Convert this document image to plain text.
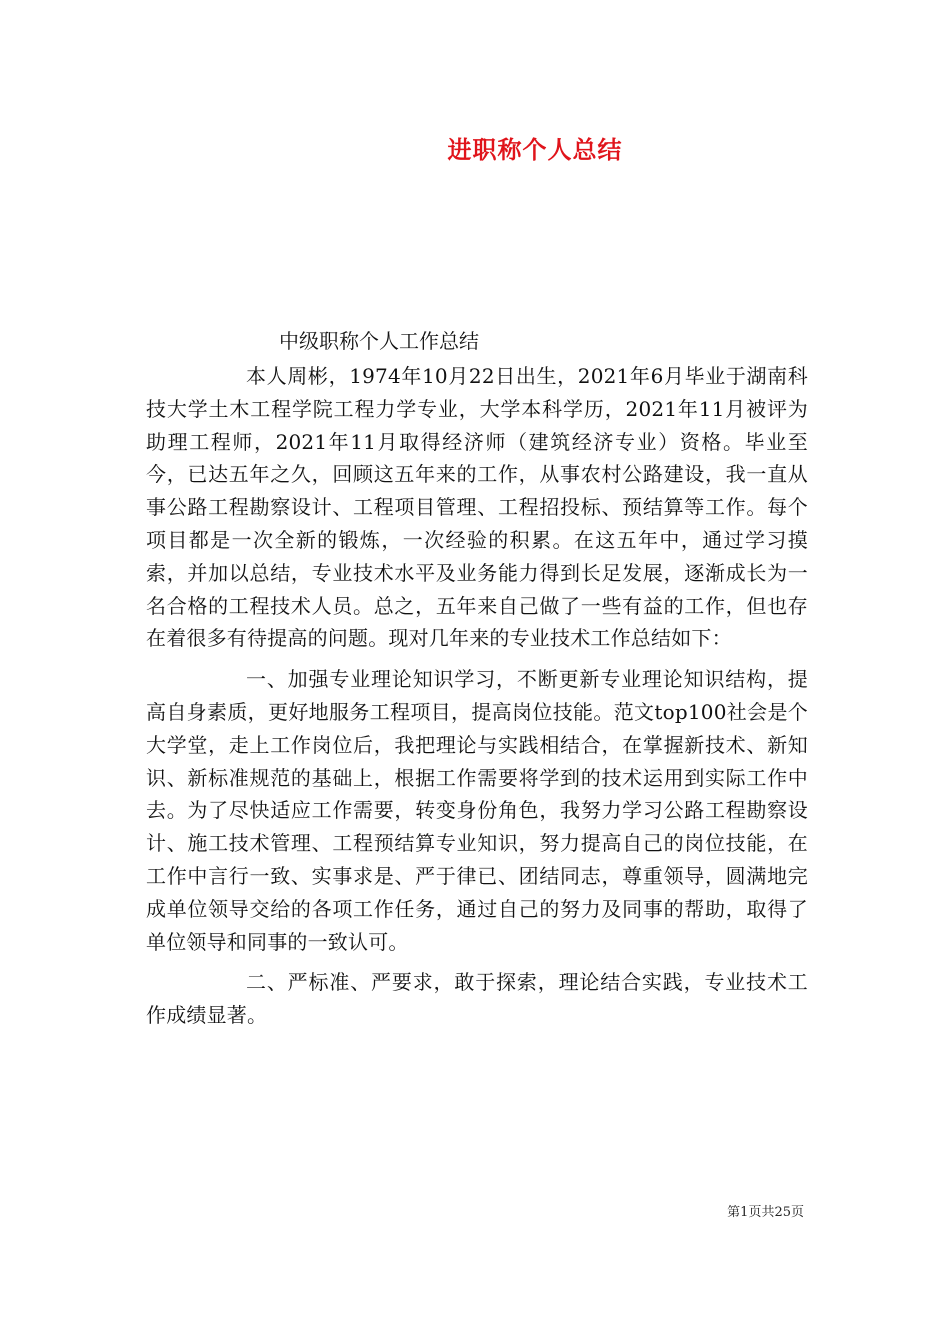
进职称个人总结
中级职称个人工作总结

本人周彬，1974年10月22日出生，2021年6月毕业于湖南科技大学土木工程学院工程力学专业，大学本科学历，2021年11月被评为助理工程师，2021年11月取得经济师（建筑经济专业）资格。毕业至今，已达五年之久，回顾这五年来的工作，从事农村公路建设，我一直从事公路工程勘察设计、工程项目管理、工程招投标、预结算等工作。每个项目都是一次全新的锻炼，一次经验的积累。在这五年中，通过学习摸索，并加以总结，专业技术水平及业务能力得到长足发展，逐渐成长为一名合格的工程技术人员。总之，五年来自己做了一些有益的工作，但也存在着很多有待提高的问题。现对几年来的专业技术工作总结如下：

一、加强专业理论知识学习，不断更新专业理论知识结构，提高自身素质，更好地服务工程项目，提高岗位技能。范文top100社会是个大学堂，走上工作岗位后，我把理论与实践相结合，在掌握新技术、新知识、新标准规范的基础上，根据工作需要将学到的技术运用到实际工作中去。为了尽快适应工作需要，转变身份角色，我努力学习公路工程勘察设计、施工技术管理、工程预结算专业知识，努力提高自己的岗位技能，在工作中言行一致、实事求是、严于律已、团结同志，尊重领导，圆满地完成单位领导交给的各项工作任务，通过自己的努力及同事的帮助，取得了单位领导和同事的一致认可。

二、严标准、严要求，敢于探索，理论结合实践，专业技术工作成绩显著。

第1页共25页
